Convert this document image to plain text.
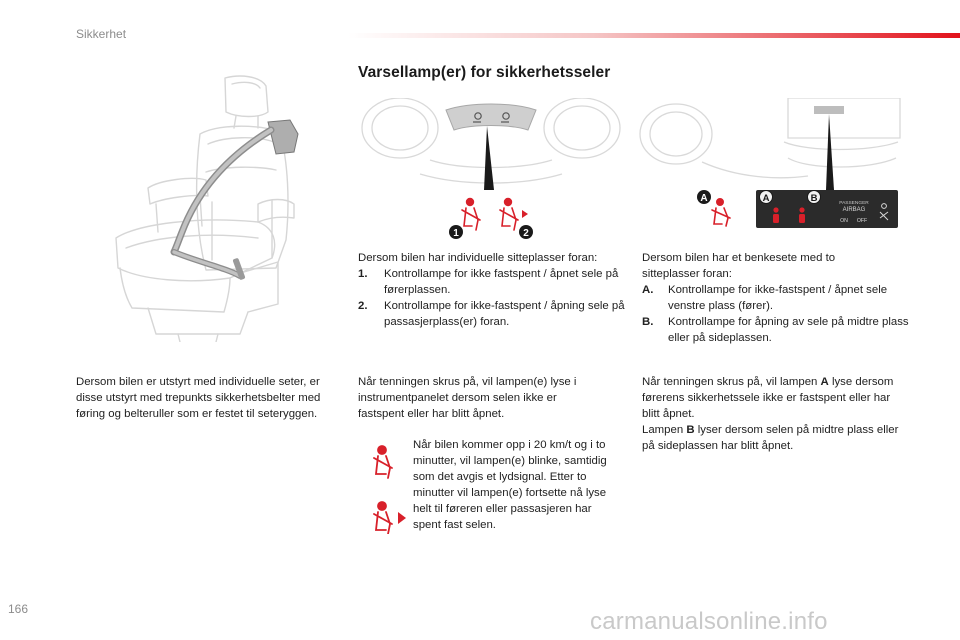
Sikkerhet
Varsellamp(er) for sikkerhetsseler
1	2
A	A	B	PASSENGER
AIRBAG
ON OFF
Dersom bilen er utstyrt med individuelle seter, er disse utstyrt med trepunkts sikkerhetsbelter med føring og belteruller som er festet til seteryggen.
Dersom bilen har individuelle sitteplasser foran:
1.	Kontrollampe for ikke fastspent / åpnet sele på førerplassen.
2.	Kontrollampe for ikke-fastspent / åpning sele på passasjerplass(er) foran.
Når tenningen skrus på, vil lampen(e) lyse i instrumentpanelet dersom selen ikke er fastspent eller har blitt åpnet.
Når bilen kommer opp i 20 km/t og i to minutter, vil lampen(e) blinke, samtidig som det avgis et lydsignal. Etter to minutter vil lampen(e) fortsette nå lyse helt til føreren eller passasjeren har spent fast selen.
Dersom bilen har et benkesete med to sitteplasser foran:
A.	Kontrollampe for ikke-fastspent / åpnet sele venstre plass (fører).
B.	Kontrollampe for åpning av sele på midtre plass eller på sideplassen.
Når tenningen skrus på, vil lampen A lyse dersom førerens sikkerhetssele ikke er fastspent eller har blitt åpnet.
Lampen B lyser dersom selen på midtre plass eller på sideplassen har blitt åpnet.
166	carmanualsonline.info
